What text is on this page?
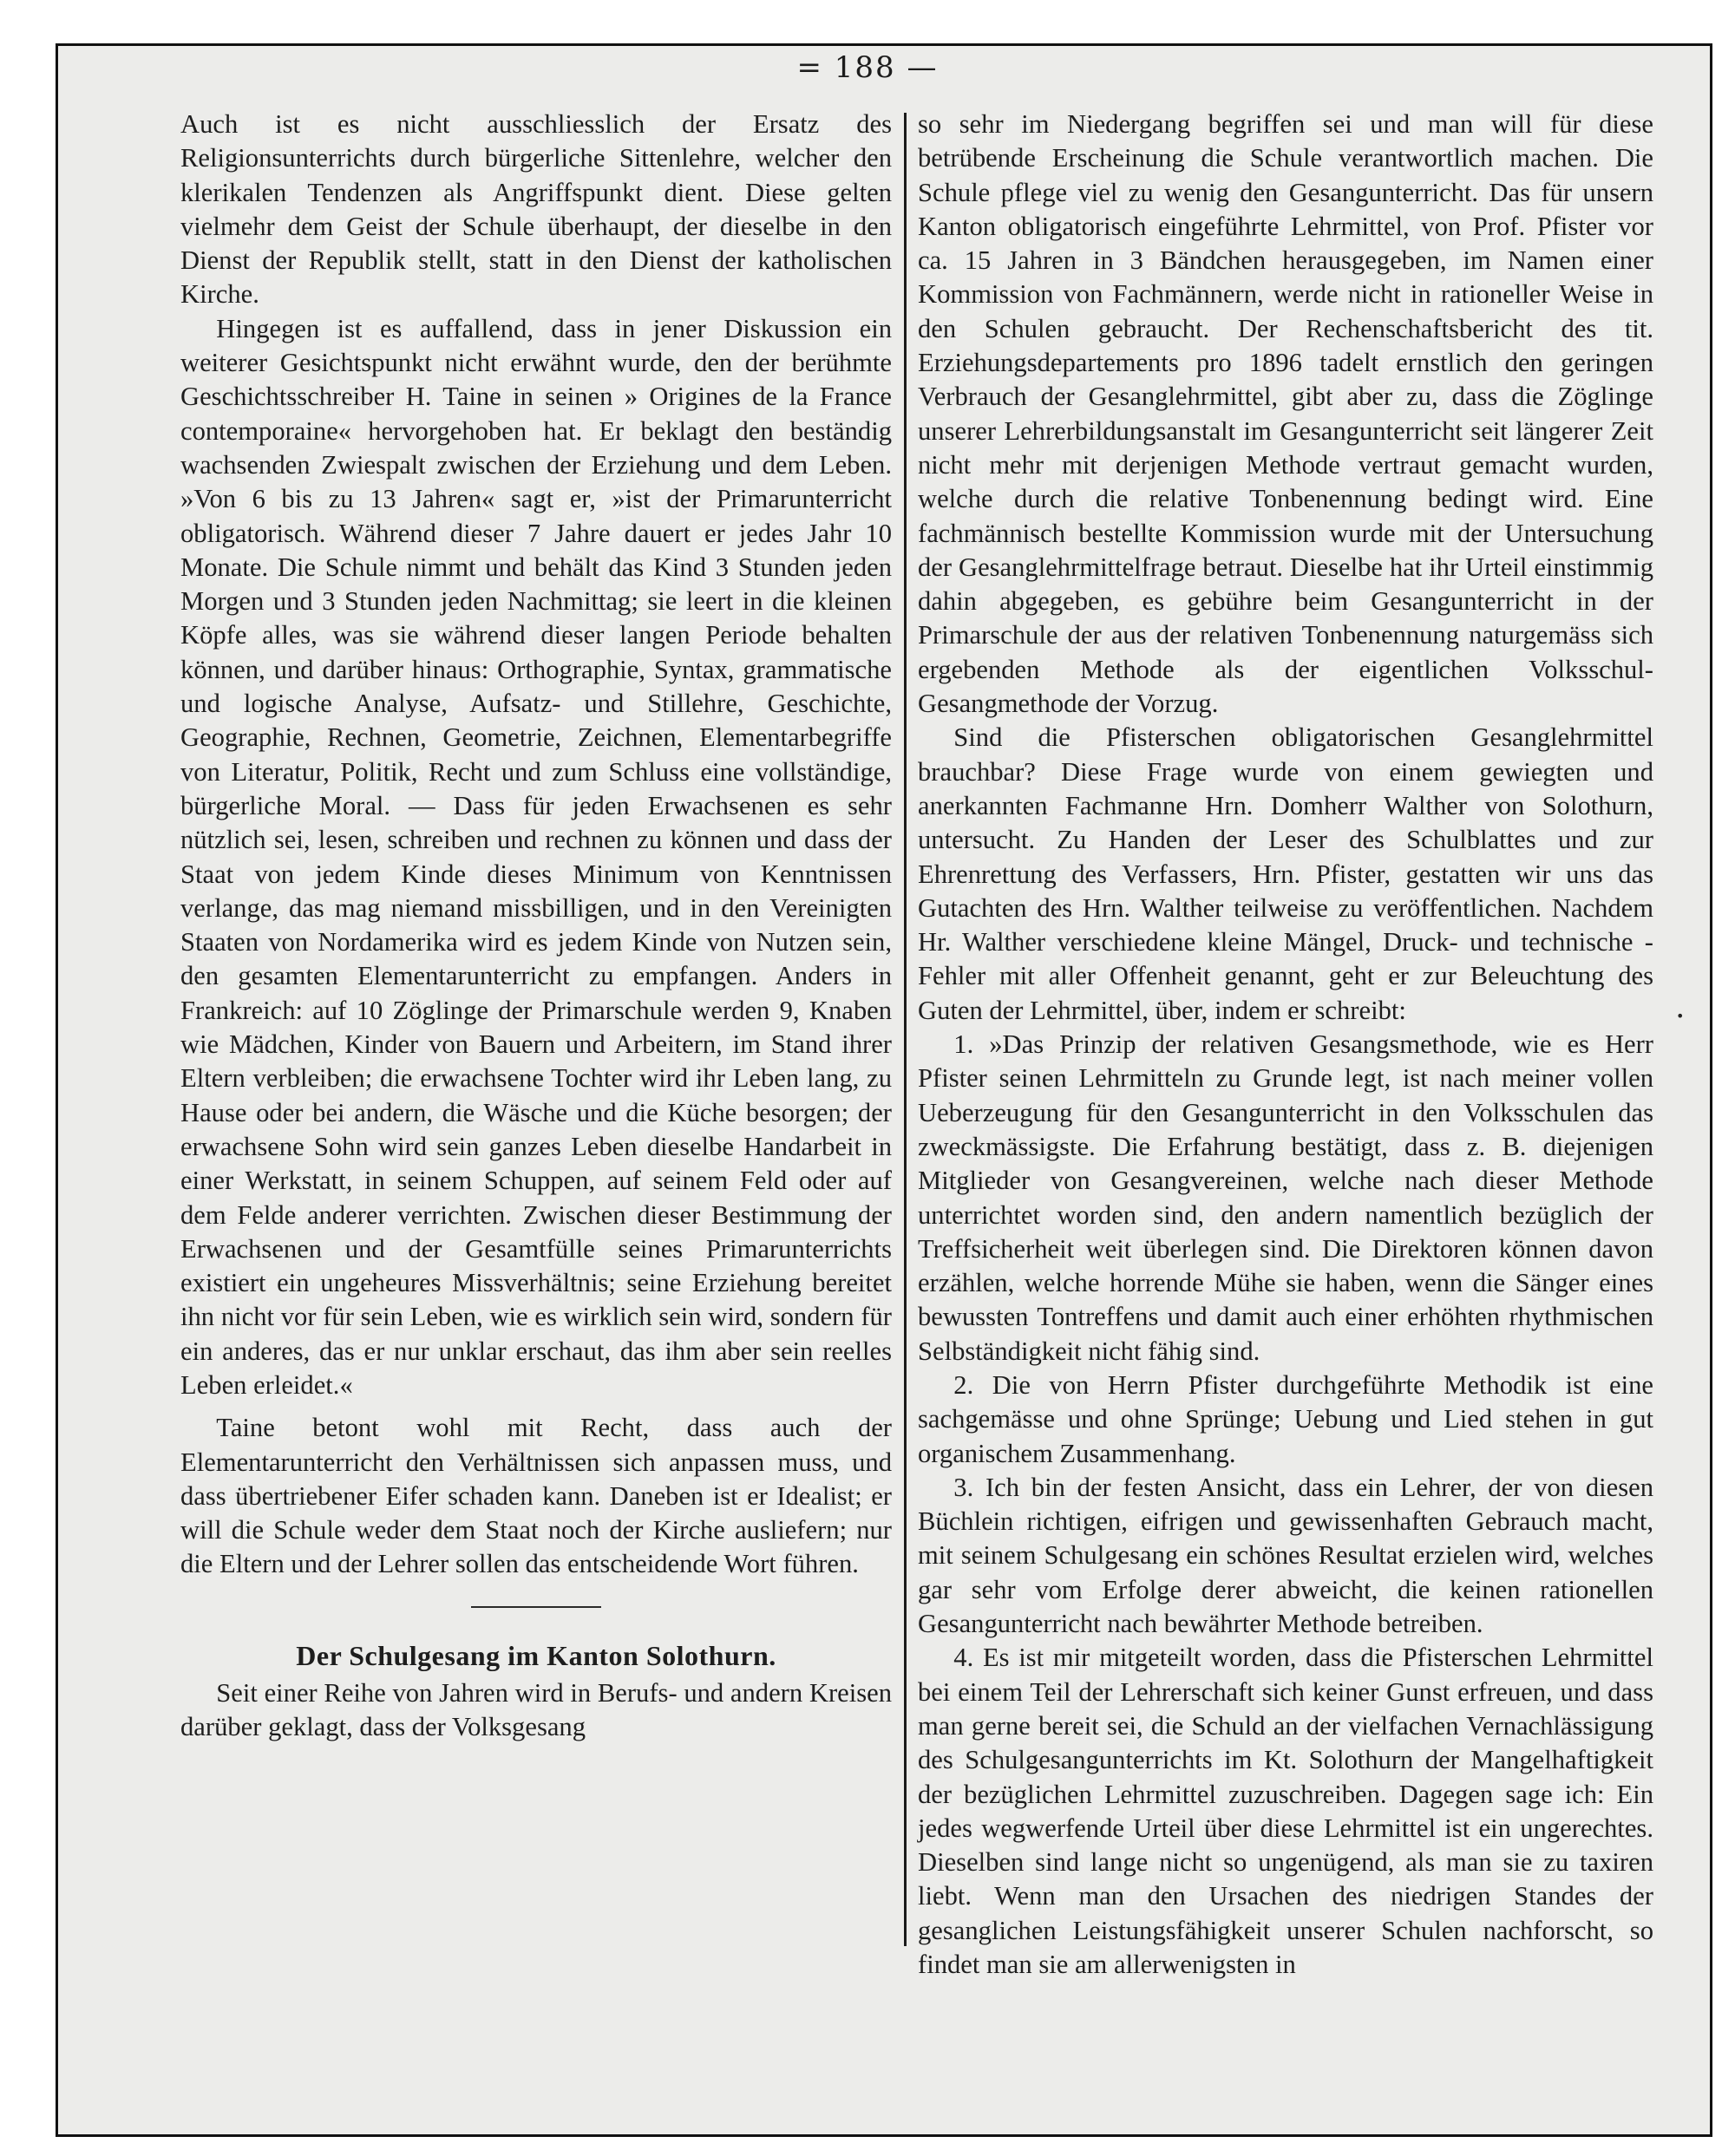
= 188 —

Auch ist es nicht ausschliesslich der Ersatz des Religionsunterrichts durch bürgerliche Sittenlehre, welcher den klerikalen Tendenzen als Angriffspunkt dient. Diese gelten vielmehr dem Geist der Schule überhaupt, der dieselbe in den Dienst der Republik stellt, statt in den Dienst der katholischen Kirche.

Hingegen ist es auffallend, dass in jener Diskussion ein weiterer Gesichtspunkt nicht erwähnt wurde, den der berühmte Geschichtsschreiber H. Taine in seinen » Origines de la France contemporaine« hervorgehoben hat. Er beklagt den beständig wachsenden Zwiespalt zwischen der Erziehung und dem Leben. »Von 6 bis zu 13 Jahren« sagt er, »ist der Primarunterricht obligatorisch. Während dieser 7 Jahre dauert er jedes Jahr 10 Monate. Die Schule nimmt und behält das Kind 3 Stunden jeden Morgen und 3 Stunden jeden Nachmittag; sie leert in die kleinen Köpfe alles, was sie während dieser langen Periode behalten können, und darüber hinaus: Orthographie, Syntax, grammatische und logische Analyse, Aufsatz- und Stillehre, Geschichte, Geographie, Rechnen, Geometrie, Zeichnen, Elementarbegriffe von Literatur, Politik, Recht und zum Schluss eine vollständige, bürgerliche Moral. — Dass für jeden Erwachsenen es sehr nützlich sei, lesen, schreiben und rechnen zu können und dass der Staat von jedem Kinde dieses Minimum von Kenntnissen verlange, das mag niemand missbilligen, und in den Vereinigten Staaten von Nordamerika wird es jedem Kinde von Nutzen sein, den gesamten Elementarunterricht zu empfangen. Anders in Frankreich: auf 10 Zöglinge der Primarschule werden 9, Knaben wie Mädchen, Kinder von Bauern und Arbeitern, im Stand ihrer Eltern verbleiben; die erwachsene Tochter wird ihr Leben lang, zu Hause oder bei andern, die Wäsche und die Küche besorgen; der erwachsene Sohn wird sein ganzes Leben dieselbe Handarbeit in einer Werkstatt, in seinem Schuppen, auf seinem Feld oder auf dem Felde anderer verrichten. Zwischen dieser Bestimmung der Erwachsenen und der Gesamtfülle seines Primarunterrichts existiert ein ungeheures Missverhältnis; seine Erziehung bereitet ihn nicht vor für sein Leben, wie es wirklich sein wird, sondern für ein anderes, das er nur unklar erschaut, das ihm aber sein reelles Leben erleidet.«

Taine betont wohl mit Recht, dass auch der Elementarunterricht den Verhältnissen sich anpassen muss, und dass übertriebener Eifer schaden kann. Daneben ist er Idealist; er will die Schule weder dem Staat noch der Kirche ausliefern; nur die Eltern und der Lehrer sollen das entscheidende Wort führen.

Der Schulgesang im Kanton Solothurn.

Seit einer Reihe von Jahren wird in Berufs- und andern Kreisen darüber geklagt, dass der Volksgesang

so sehr im Niedergang begriffen sei und man will für diese betrübende Erscheinung die Schule verantwortlich machen. Die Schule pflege viel zu wenig den Gesangunterricht. Das für unsern Kanton obligatorisch eingeführte Lehrmittel, von Prof. Pfister vor ca. 15 Jahren in 3 Bändchen herausgegeben, im Namen einer Kommission von Fachmännern, werde nicht in rationeller Weise in den Schulen gebraucht. Der Rechenschaftsbericht des tit. Erziehungsdepartements pro 1896 tadelt ernstlich den geringen Verbrauch der Gesanglehrmittel, gibt aber zu, dass die Zöglinge unserer Lehrerbildungsanstalt im Gesangunterricht seit längerer Zeit nicht mehr mit derjenigen Methode vertraut gemacht wurden, welche durch die relative Tonbenennung bedingt wird. Eine fachmännisch bestellte Kommission wurde mit der Untersuchung der Gesanglehrmittelfrage betraut. Dieselbe hat ihr Urteil einstimmig dahin abgegeben, es gebühre beim Gesangunterricht in der Primarschule der aus der relativen Tonbenennung naturgemäss sich ergebenden Methode als der eigentlichen Volksschul-Gesangmethode der Vorzug.

Sind die Pfisterschen obligatorischen Gesanglehrmittel brauchbar? Diese Frage wurde von einem gewiegten und anerkannten Fachmanne Hrn. Domherr Walther von Solothurn, untersucht. Zu Handen der Leser des Schulblattes und zur Ehrenrettung des Verfassers, Hrn. Pfister, gestatten wir uns das Gutachten des Hrn. Walther teilweise zu veröffentlichen. Nachdem Hr. Walther verschiedene kleine Mängel, Druck- und technische -Fehler mit aller Offenheit genannt, geht er zur Beleuchtung des Guten der Lehrmittel, über, indem er schreibt:

1. »Das Prinzip der relativen Gesangsmethode, wie es Herr Pfister seinen Lehrmitteln zu Grunde legt, ist nach meiner vollen Ueberzeugung für den Gesangunterricht in den Volksschulen das zweckmässigste. Die Erfahrung bestätigt, dass z. B. diejenigen Mitglieder von Gesangvereinen, welche nach dieser Methode unterrichtet worden sind, den andern namentlich bezüglich der Treffsicherheit weit überlegen sind. Die Direktoren können davon erzählen, welche horrende Mühe sie haben, wenn die Sänger eines bewussten Tontreffens und damit auch einer erhöhten rhythmischen Selbständigkeit nicht fähig sind.

2. Die von Herrn Pfister durchgeführte Methodik ist eine sachgemässe und ohne Sprünge; Uebung und Lied stehen in gut organischem Zusammenhang.

3. Ich bin der festen Ansicht, dass ein Lehrer, der von diesen Büchlein richtigen, eifrigen und gewissenhaften Gebrauch macht, mit seinem Schulgesang ein schönes Resultat erzielen wird, welches gar sehr vom Erfolge derer abweicht, die keinen rationellen Gesangunterricht nach bewährter Methode betreiben.

4. Es ist mir mitgeteilt worden, dass die Pfisterschen Lehrmittel bei einem Teil der Lehrerschaft sich keiner Gunst erfreuen, und dass man gerne bereit sei, die Schuld an der vielfachen Vernachlässigung des Schulgesangunterrichts im Kt. Solothurn der Mangelhaftigkeit der bezüglichen Lehrmittel zuzuschreiben. Dagegen sage ich: Ein jedes wegwerfende Urteil über diese Lehrmittel ist ein ungerechtes. Dieselben sind lange nicht so ungenügend, als man sie zu taxiren liebt. Wenn man den Ursachen des niedrigen Standes der gesanglichen Leistungsfähigkeit unserer Schulen nachforscht, so findet man sie am allerwenigsten in

•
